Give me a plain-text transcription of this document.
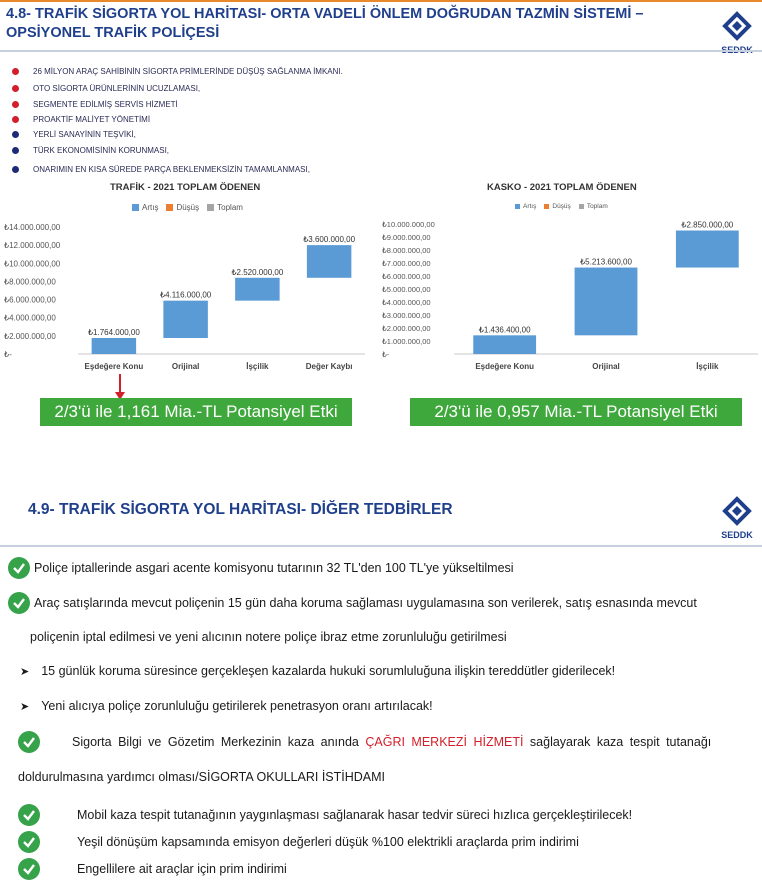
4.8- TRAFİK SİGORTA YOL HARİTASI- ORTA VADELİ ÖNLEM DOĞRUDAN TAZMİN SİSTEMİ – OPSİYONEL TRAFİK POLİÇESİ
26 MİLYON ARAÇ SAHİBİNİN SİGORTA PRİMLERİNDE DÜŞÜŞ SAĞLANMA İMKANI.
OTO SİGORTA ÜRÜNLERİNİN UCUZLAMASI,
SEGMENTE EDİLMİŞ SERVİS HİZMETİ
PROAKTİF MALİYET YÖNETİMİ
YERLİ SANAYİNİN TEŞVİKİ,
TÜRK EKONOMİSİNİN KORUNMASI,
ONARIMIN EN KISA SÜREDE PARÇA BEKLENMEKSİZİN TAMAMLANMASI,
TRAFİK - 2021 TOPLAM ÖDENEN
Artış	Düşüş	Toplam
₺14.000.000,00
₺12.000.000,00
₺10.000.000,00
₺8.000.000,00
₺6.000.000,00
₺4.000.000,00
₺2.000.000,00
₺-
₺1.764.000,00
Eşdeğere Konu
₺4.116.000,00
Orijinal
₺2.520.000,00
İşçilik
₺3.600.000,00
Değer Kaybı
KASKO - 2021 TOPLAM ÖDENEN
Artış	Düşüş	Toplam
₺10.000.000,00
₺9.000.000,00
₺8.000.000,00
₺7.000.000,00
₺6.000.000,00
₺5.000.000,00
₺4.000.000,00
₺3.000.000,00
₺2.000.000,00
₺1.000.000,00
₺-
₺1.436.400,00
Eşdeğere Konu
₺5.213.600,00
Orijinal
₺2.850.000,00
İşçilik
2/3'ü ile 1,161 Mia.-TL Potansiyel Etki	2/3'ü ile 0,957 Mia.-TL Potansiyel Etki
4.9- TRAFİK SİGORTA YOL HARİTASI- DİĞER TEDBİRLER
SEDDK
Poliçe iptallerinde asgari acente komisyonu tutarının 32 TL'den 100 TL'ye yükseltilmesi
Araç satışlarında mevcut poliçenin 15 gün daha koruma sağlaması uygulamasına son verilerek, satış esnasında mevcut
poliçenin iptal edilmesi ve yeni alıcının notere poliçe ibraz etme zorunluluğu getirilmesi
➤ 15 günlük koruma süresince gerçekleşen kazalarda hukuki sorumluluğuna ilişkin tereddütler giderilecek!
➤ Yeni alıcıya poliçe zorunluluğu getirilerek penetrasyon oranı artırılacak!
Sigorta Bilgi ve Gözetim Merkezinin kaza anında ÇAĞRI MERKEZİ HİZMETİ sağlayarak kaza tespit tutanağı
doldurulmasına yardımcı olması/SİGORTA OKULLARI İSTİHDAMI
Mobil kaza tespit tutanağının yaygınlaşması sağlanarak hasar tedvir süreci hızlıca gerçekleştirilecek!
Yeşil dönüşüm kapsamında emisyon değerleri düşük %100 elektrikli araçlarda prim indirimi
Engellilere ait araçlar için prim indirimi
